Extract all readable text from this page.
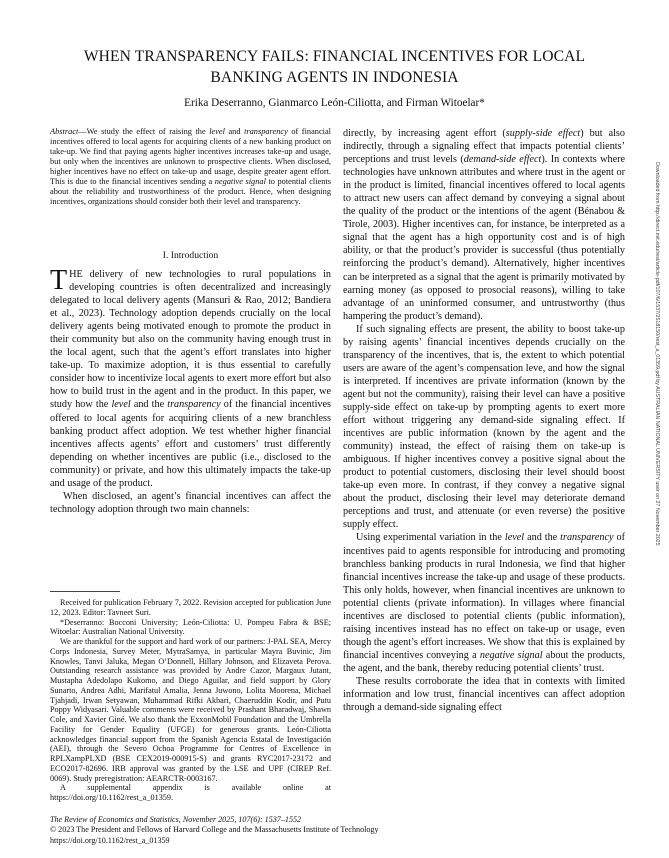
WHEN TRANSPARENCY FAILS: FINANCIAL INCENTIVES FOR LOCAL
BANKING AGENTS IN INDONESIA
Erika Deserranno, Gianmarco León-Ciliotta, and Firman Witoelar*
Abstract—We study the effect of raising the level and transparency of financial incentives offered to local agents for acquiring clients of a new banking product on take-up. We find that paying agents higher incentives increases take-up and usage, but only when the incentives are unknown to prospective clients. When disclosed, higher incentives have no effect on take-up and usage, despite greater agent effort. This is due to the financial incentives sending a negative signal to potential clients about the reliability and trustworthiness of the product. Hence, when designing incentives, organizations should consider both their level and transparency.
I. Introduction

THE delivery of new technologies to rural populations in developing countries is often decentralized and increasingly delegated to local delivery agents (Mansuri & Rao, 2012; Bandiera et al., 2023). Technology adoption depends crucially on the local delivery agents being motivated enough to promote the product in their community but also on the community having enough trust in the local agent, such that the agent’s effort translates into higher take-up. To maximize adoption, it is thus essential to carefully consider how to incentivize local agents to exert more effort but also how to build trust in the agent and in the product. In this paper, we study how the level and the transparency of the financial incentives offered to local agents for acquiring clients of a new branchless banking product affect adoption. We test whether higher financial incentives affects agents’ effort and customers’ trust differently depending on whether incentives are public (i.e., disclosed to the community) or private, and how this ultimately impacts the take-up and usage of the product.

When disclosed, an agent’s financial incentives can affect the technology adoption through two main channels:

Received for publication February 7, 2022. Revision accepted for publication June 12, 2023. Editor: Tavneet Suri.

*Deserranno: Bocconi University; León-Ciliotta: U. Pompeu Fabra & BSE; Witoelar: Australian National University.

We are thankful for the support and hard work of our partners: J-PAL SEA, Mercy Corps Indonesia, Survey Meter, MytraSamya, in particular Mayra Buvinic, Jim Knowles, Tanvi Jaluka, Megan O’Donnell, Hillary Johnson, and Elizaveta Perova. Outstanding research assistance was provided by Andre Cazor, Margaux Jutant, Mustapha Adedolapo Kukomo, and Diego Aguilar, and field support by Glory Sunarto, Andrea Adhi, Marifatul Amalia, Jenna Juwono, Lolita Moorena, Michael Tjahjadi, Irwan Setyawan, Muhammad Rifki Akbari, Chaeruddin Kodir, and Putu Poppy Widyasari. Valuable comments were received by Prashant Bharadwaj, Shawn Cole, and Xavier Giné. We also thank the ExxonMobil Foundation and the Umbrella Facility for Gender Equality (UFGE) for generous grants. León-Ciliotta acknowledges financial support from the Spanish Agencia Estatal de Investigación (AEI), through the Severo Ochoa Programme for Centres of Excellence in RPLXampPLXD (BSE CEX2019-000915-S) and grants RYC2017-23172 and ECO2017-82696. IRB approval was granted by the LSE and UPF (CIREP Ref. 0069). Study preregistration: AEARCTR-0003167.

A supplemental appendix is available online at https://doi.org/10.1162/rest_a_01359.

directly, by increasing agent effort (supply-side effect) but also indirectly, through a signaling effect that impacts potential clients’ perceptions and trust levels (demand-side effect). In contexts where technologies have unknown attributes and where trust in the agent or in the product is limited, financial incentives offered to local agents to attract new users can affect demand by conveying a signal about the quality of the product or the intentions of the agent (Bénabou & Tirole, 2003). Higher incentives can, for instance, be interpreted as a signal that the agent has a high opportunity cost and is of high ability, or that the product’s provider is successful (thus potentially reinforcing the product’s demand). Alternatively, higher incentives can be interpreted as a signal that the agent is primarily motivated by earning money (as opposed to prosocial reasons), willing to take advantage of an uninformed consumer, and untrustworthy (thus hampering the product’s demand).

If such signaling effects are present, the ability to boost take-up by raising agents’ financial incentives depends crucially on the transparency of the incentives, that is, the extent to which potential users are aware of the agent’s compensation leve, and how the signal is interpreted. If incentives are private information (known by the agent but not the community), raising their level can have a positive supply-side effect on take-up by prompting agents to exert more effort without triggering any demand-side signaling effect. If incentives are public information (known by the agent and the community) instead, the effect of raising them on take-up is ambiguous. If higher incentives convey a positive signal about the product to potential customers, disclosing their level should boost take-up even more. In contrast, if they convey a negative signal about the product, disclosing their level may deteriorate demand perceptions and trust, and attenuate (or even reverse) the positive supply effect.

Using experimental variation in the level and the transparency of incentives paid to agents responsible for introducing and promoting branchless banking products in rural Indonesia, we find that higher financial incentives increase the take-up and usage of these products. This only holds, however, when financial incentives are unknown to potential clients (private information). In villages where financial incentives are disclosed to potential clients (public information), raising incentives instead has no effect on take-up or usage, even though the agent’s effort increases. We show that this is explained by financial incentives conveying a negative signal about the products, the agent, and the bank, thereby reducing potential clients’ trust.

These results corroborate the idea that in contexts with limited information and low trust, financial incentives can affect adoption through a demand-side signaling effect

The Review of Economics and Statistics, November 2025, 107(6): 1537–1552
© 2023 The President and Fellows of Harvard College and the Massachusetts Institute of Technology
https://doi.org/10.1162/rest_a_01359
Downloaded from http://direct.mit.edu/rest/article-pdf/107/6/1537/2518150/rest_a_01359.pdf by AUSTRALIAN NATIONAL UNIVERSITY user on 27 November 2025
